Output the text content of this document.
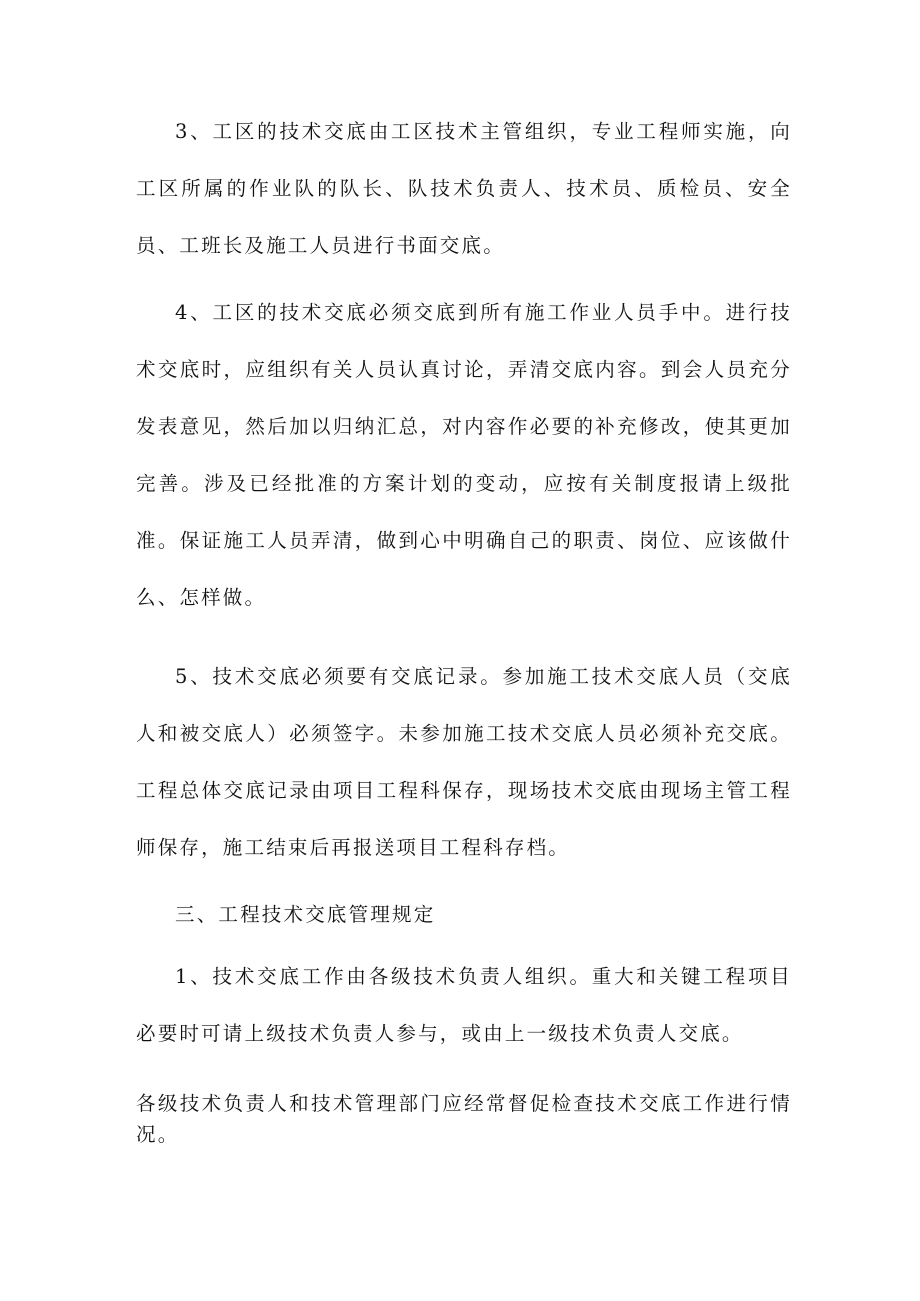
3、工区的技术交底由工区技术主管组织，专业工程师实施，向工区所属的作业队的队长、队技术负责人、技术员、质检员、安全员、工班长及施工人员进行书面交底。

4、工区的技术交底必须交底到所有施工作业人员手中。进行技术交底时，应组织有关人员认真讨论，弄清交底内容。到会人员充分发表意见，然后加以归纳汇总，对内容作必要的补充修改，使其更加完善。涉及已经批准的方案计划的变动，应按有关制度报请上级批准。保证施工人员弄清，做到心中明确自己的职责、岗位、应该做什么、怎样做。

5、技术交底必须要有交底记录。参加施工技术交底人员（交底人和被交底人）必须签字。未参加施工技术交底人员必须补充交底。工程总体交底记录由项目工程科保存，现场技术交底由现场主管工程师保存，施工结束后再报送项目工程科存档。

三、工程技术交底管理规定

1、技术交底工作由各级技术负责人组织。重大和关键工程项目必要时可请上级技术负责人参与，或由上一级技术负责人交底。

各级技术负责人和技术管理部门应经常督促检查技术交底工作进行情况。
